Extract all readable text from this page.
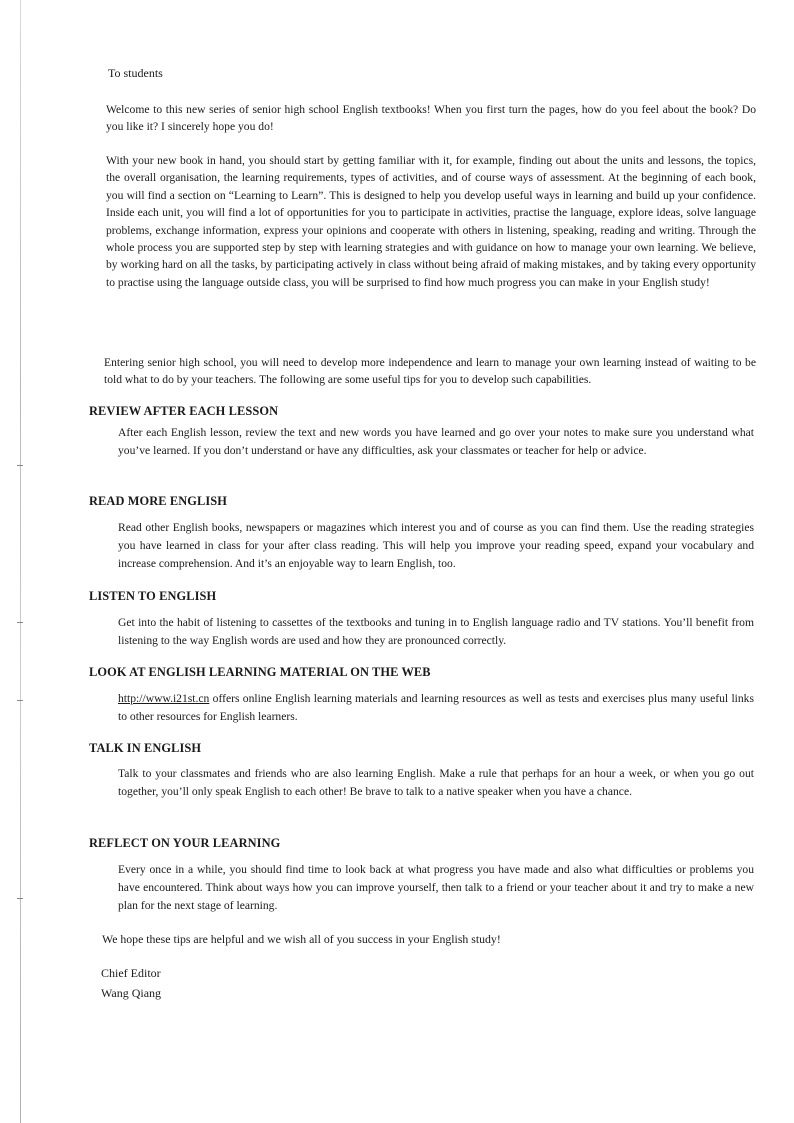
To students

Welcome to this new series of senior high school English textbooks! When you first turn the pages, how do you feel about the book? Do you like it? I sincerely hope you do!

With your new book in hand, you should start by getting familiar with it, for example, finding out about the units and lessons, the topics, the overall organisation, the learning requirements, types of activities, and of course ways of assessment. At the beginning of each book, you will find a section on “Learning to Learn”. This is designed to help you develop useful ways in learning and build up your confidence. Inside each unit, you will find a lot of opportunities for you to participate in activities, practise the language, explore ideas, solve language problems, exchange information, express your opinions and cooperate with others in listening, speaking, reading and writing. Through the whole process you are supported step by step with learning strategies and with guidance on how to manage your own learning. We believe, by working hard on all the tasks, by participating actively in class without being afraid of making mistakes, and by taking every opportunity to practise using the language outside class, you will be surprised to find how much progress you can make in your English study!

Entering senior high school, you will need to develop more independence and learn to manage your own learning instead of waiting to be told what to do by your teachers. The following are some useful tips for you to develop such capabilities.

REVIEW AFTER EACH LESSON

After each English lesson, review the text and new words you have learned and go over your notes to make sure you understand what you’ve learned. If you don’t understand or have any difficulties, ask your classmates or teacher for help or advice.

READ MORE ENGLISH

Read other English books, newspapers or magazines which interest you and of course as you can find them. Use the reading strategies you have learned in class for your after class reading. This will help you improve your reading speed, expand your vocabulary and increase comprehension. And it’s an enjoyable way to learn English, too.

LISTEN TO ENGLISH

Get into the habit of listening to cassettes of the textbooks and tuning in to English language radio and TV stations. You’ll benefit from listening to the way English words are used and how they are pronounced correctly.

LOOK AT ENGLISH LEARNING MATERIAL ON THE WEB

http://www.i21st.cn offers online English learning materials and learning resources as well as tests and exercises plus many useful links to other resources for English learners.

TALK IN ENGLISH

Talk to your classmates and friends who are also learning English. Make a rule that perhaps for an hour a week, or when you go out together, you’ll only speak English to each other! Be brave to talk to a native speaker when you have a chance.

REFLECT ON YOUR LEARNING

Every once in a while, you should find time to look back at what progress you have made and also what difficulties or problems you have encountered. Think about ways how you can improve yourself, then talk to a friend or your teacher about it and try to make a new plan for the next stage of learning.

We hope these tips are helpful and we wish all of you success in your English study!
Chief Editor
Wang Qiang
